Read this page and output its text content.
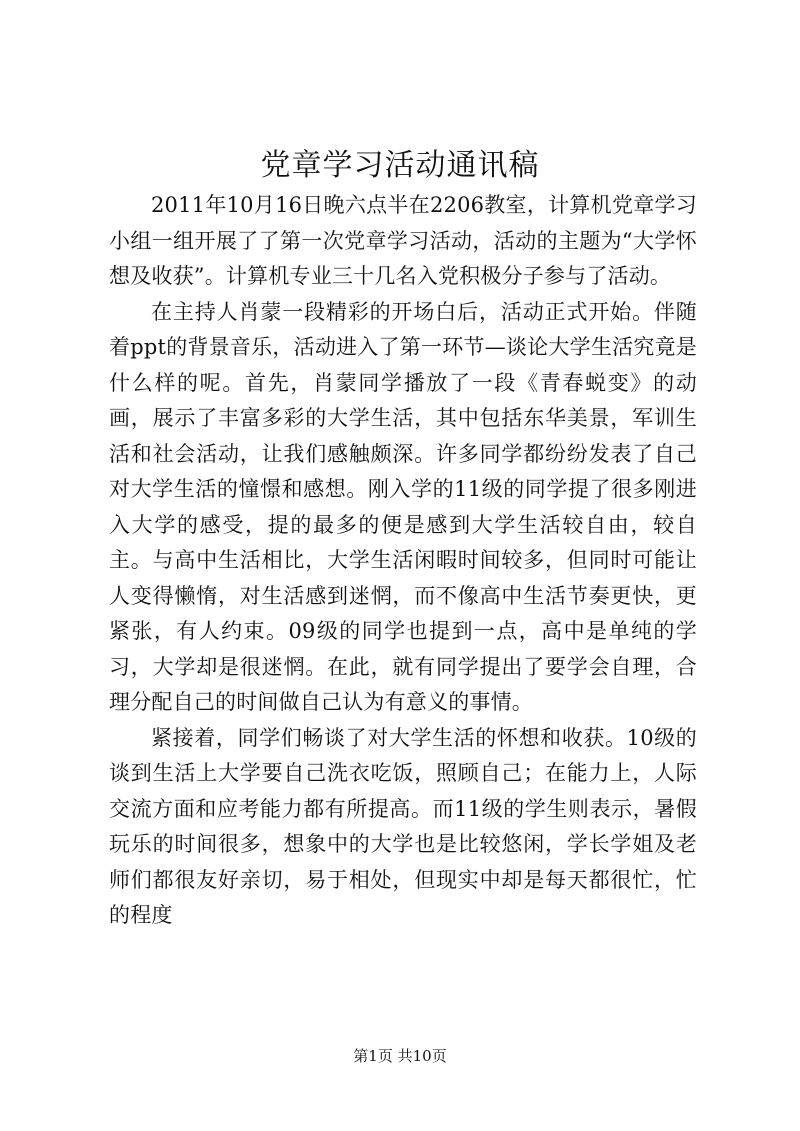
党章学习活动通讯稿

2011年10月16日晚六点半在2206教室，计算机党章学习小组一组开展了了第一次党章学习活动，活动的主题为“大学怀想及收获”。计算机专业三十几名入党积极分子参与了活动。

在主持人肖蒙一段精彩的开场白后，活动正式开始。伴随着ppt的背景音乐，活动进入了第一环节—谈论大学生活究竟是什么样的呢。首先，肖蒙同学播放了一段《青春蜕变》的动画，展示了丰富多彩的大学生活，其中包括东华美景，军训生活和社会活动，让我们感触颇深。许多同学都纷纷发表了自己对大学生活的憧憬和感想。刚入学的11级的同学提了很多刚进入大学的感受，提的最多的便是感到大学生活较自由，较自主。与高中生活相比，大学生活闲暇时间较多，但同时可能让人变得懒惰，对生活感到迷惘，而不像高中生活节奏更快，更紧张，有人约束。09级的同学也提到一点，高中是单纯的学习，大学却是很迷惘。在此，就有同学提出了要学会自理，合理分配自己的时间做自己认为有意义的事情。

紧接着，同学们畅谈了对大学生活的怀想和收获。10级的谈到生活上大学要自己洗衣吃饭，照顾自己；在能力上，人际交流方面和应考能力都有所提高。而11级的学生则表示，暑假玩乐的时间很多，想象中的大学也是比较悠闲，学长学姐及老师们都很友好亲切，易于相处，但现实中却是每天都很忙，忙的程度

第1页 共10页
